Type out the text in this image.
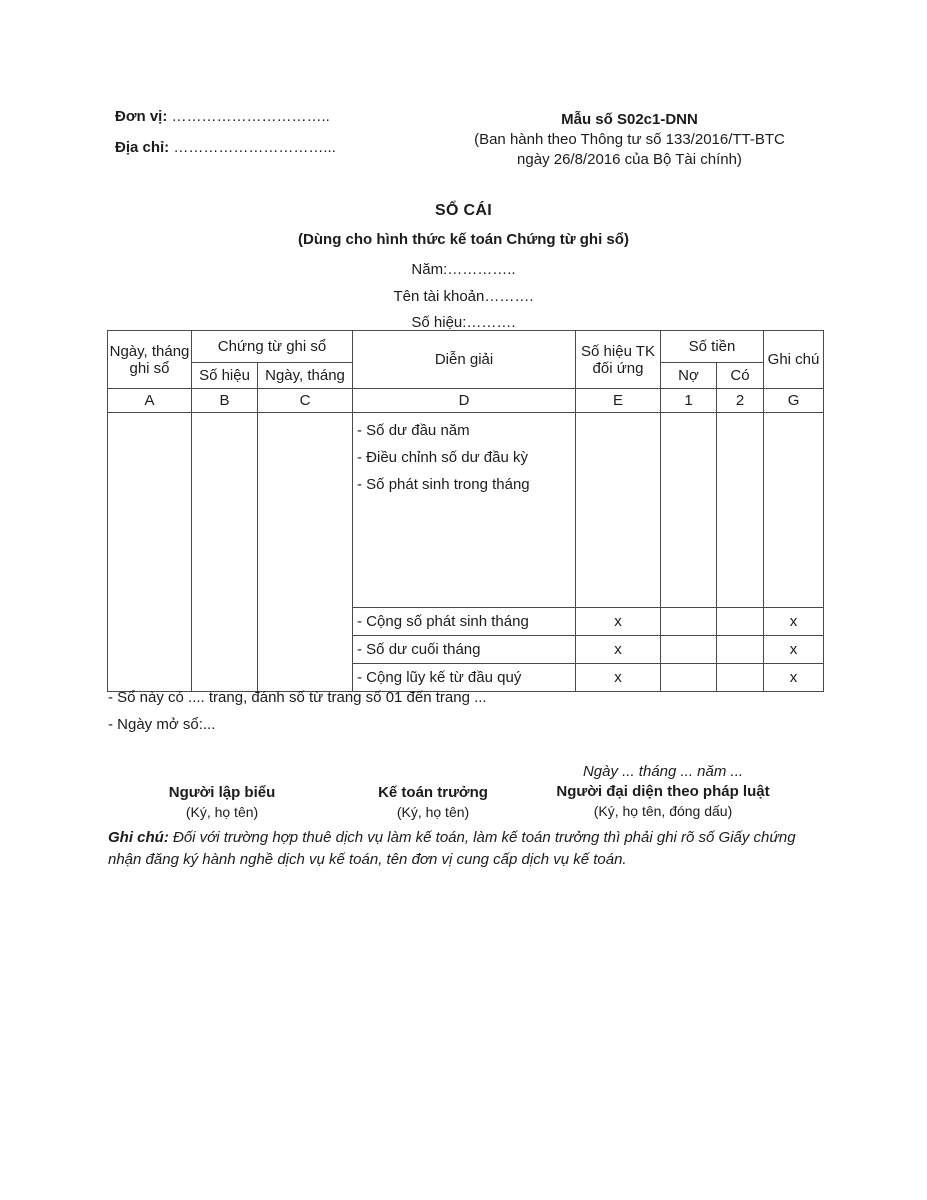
Đơn vị: …………………………..
Địa chỉ: …………………………...
Mẫu số S02c1-DNN
(Ban hành theo Thông tư số 133/2016/TT-BTC
ngày 26/8/2016 của Bộ Tài chính)
SỔ CÁI
(Dùng cho hình thức kế toán Chứng từ ghi sổ)
Năm:…………..
Tên tài khoản……….
Số hiệu:……….
Ngày, tháng ghi sổ	Chứng từ ghi sổ		Diễn giải	Số hiệu TK đối ứng	Số tiền		Ghi chú
	Số hiệu	Ngày, tháng			Nợ	Có	
A	B	C	D	E	1	2	G

			- Số dư đầu năm
- Điều chỉnh số dư đầu kỳ
- Số phát sinh trong tháng				

			- Cộng số phát sinh tháng	x			x
			- Số dư cuối tháng	x			x
			- Cộng lũy kế từ đầu quý	x			x
- Sổ này có .... trang, đánh số từ trang số 01 đến trang ...
- Ngày mở sổ:...
Người lập biểu
(Ký, họ tên)
Kế toán trưởng
(Ký, họ tên)
Ngày ... tháng ... năm ...
Người đại diện theo pháp luật
(Ký, họ tên, đóng dấu)
Ghi chú: Đối với trường hợp thuê dịch vụ làm kế toán, làm kế toán trưởng thì phải ghi rõ số Giấy chứng nhận đăng ký hành nghề dịch vụ kế toán, tên đơn vị cung cấp dịch vụ kế toán.
